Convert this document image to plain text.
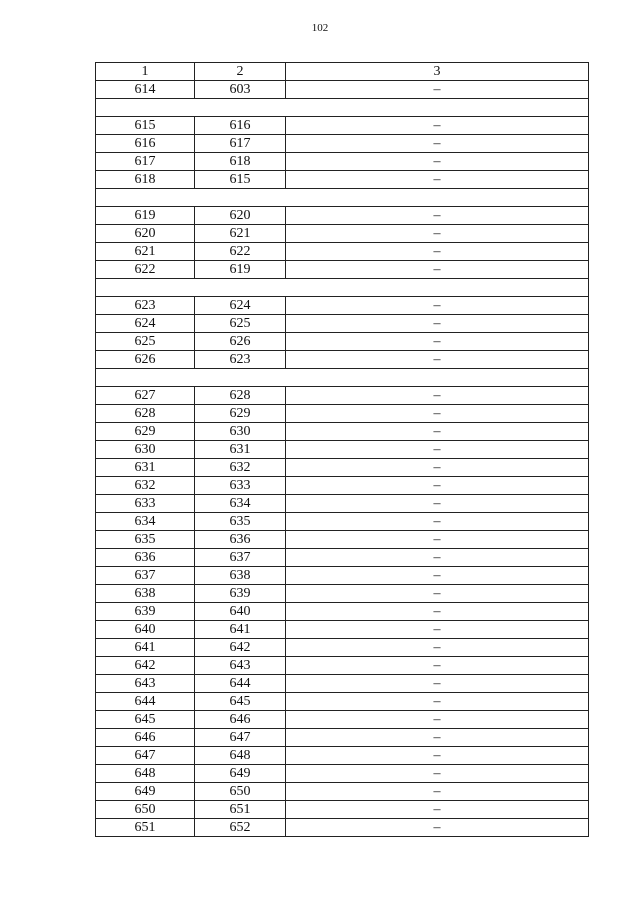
102
1	2	3
614	603	–

615	616	–
616	617	–
617	618	–
618	615	–

619	620	–
620	621	–
621	622	–
622	619	–

623	624	–
624	625	–
625	626	–
626	623	–

627	628	–
628	629	–
629	630	–
630	631	–
631	632	–
632	633	–
633	634	–
634	635	–
635	636	–
636	637	–
637	638	–
638	639	–
639	640	–
640	641	–
641	642	–
642	643	–
643	644	–
644	645	–
645	646	–
646	647	–
647	648	–
648	649	–
649	650	–
650	651	–
651	652	–
